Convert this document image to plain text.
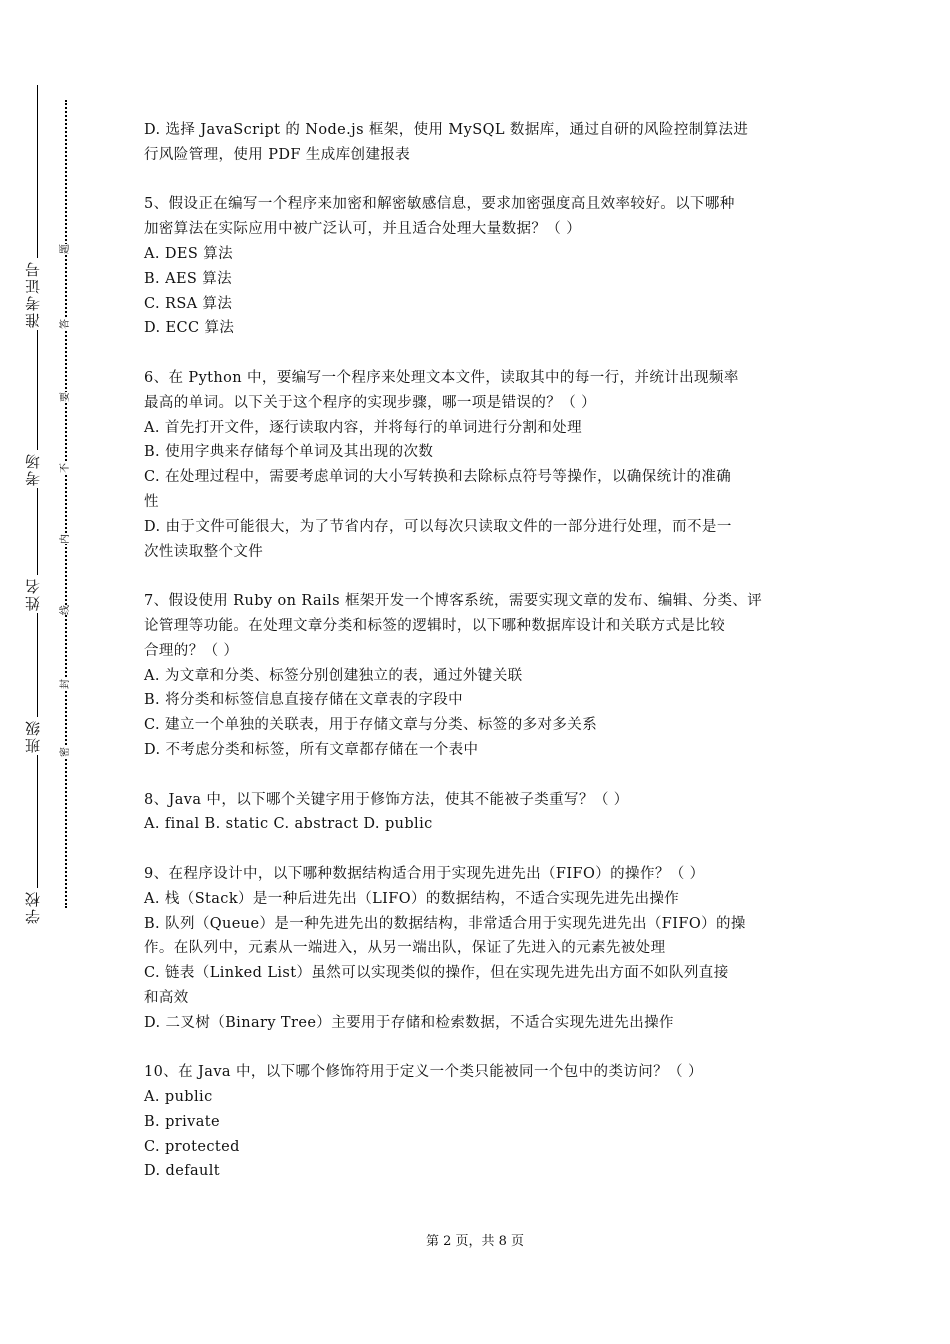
准考证号
考场
姓名
班级
学校
题
答
要
不
内
线
封
密

D. 选择 JavaScript 的 Node.js 框架，使用 MySQL 数据库，通过自研的风险控制算法进

行风险管理，使用 PDF 生成库创建报表

5、假设正在编写一个程序来加密和解密敏感信息，要求加密强度高且效率较好。以下哪种

加密算法在实际应用中被广泛认可，并且适合处理大量数据？（ ）

A. DES 算法

B. AES 算法

C. RSA 算法

D. ECC 算法

6、在 Python 中，要编写一个程序来处理文本文件，读取其中的每一行，并统计出现频率

最高的单词。以下关于这个程序的实现步骤，哪一项是错误的？（ ）

A. 首先打开文件，逐行读取内容，并将每行的单词进行分割和处理

B. 使用字典来存储每个单词及其出现的次数

C. 在处理过程中，需要考虑单词的大小写转换和去除标点符号等操作，以确保统计的准确

性

D. 由于文件可能很大，为了节省内存，可以每次只读取文件的一部分进行处理，而不是一

次性读取整个文件

7、假设使用 Ruby on Rails 框架开发一个博客系统，需要实现文章的发布、编辑、分类、评

论管理等功能。在处理文章分类和标签的逻辑时，以下哪种数据库设计和关联方式是比较

合理的？（ ）

A. 为文章和分类、标签分别创建独立的表，通过外键关联

B. 将分类和标签信息直接存储在文章表的字段中

C. 建立一个单独的关联表，用于存储文章与分类、标签的多对多关系

D. 不考虑分类和标签，所有文章都存储在一个表中

8、Java 中，以下哪个关键字用于修饰方法，使其不能被子类重写？（ ）

A. final B. static C. abstract D. public

9、在程序设计中，以下哪种数据结构适合用于实现先进先出（FIFO）的操作？（ ）

A. 栈（Stack）是一种后进先出（LIFO）的数据结构，不适合实现先进先出操作

B. 队列（Queue）是一种先进先出的数据结构，非常适合用于实现先进先出（FIFO）的操

作。在队列中，元素从一端进入，从另一端出队，保证了先进入的元素先被处理

C. 链表（Linked List）虽然可以实现类似的操作，但在实现先进先出方面不如队列直接

和高效

D. 二叉树（Binary Tree）主要用于存储和检索数据，不适合实现先进先出操作

10、在 Java 中，以下哪个修饰符用于定义一个类只能被同一个包中的类访问？（ ）

A. public

B. private

C. protected

D. default

第 2 页，共 8 页
